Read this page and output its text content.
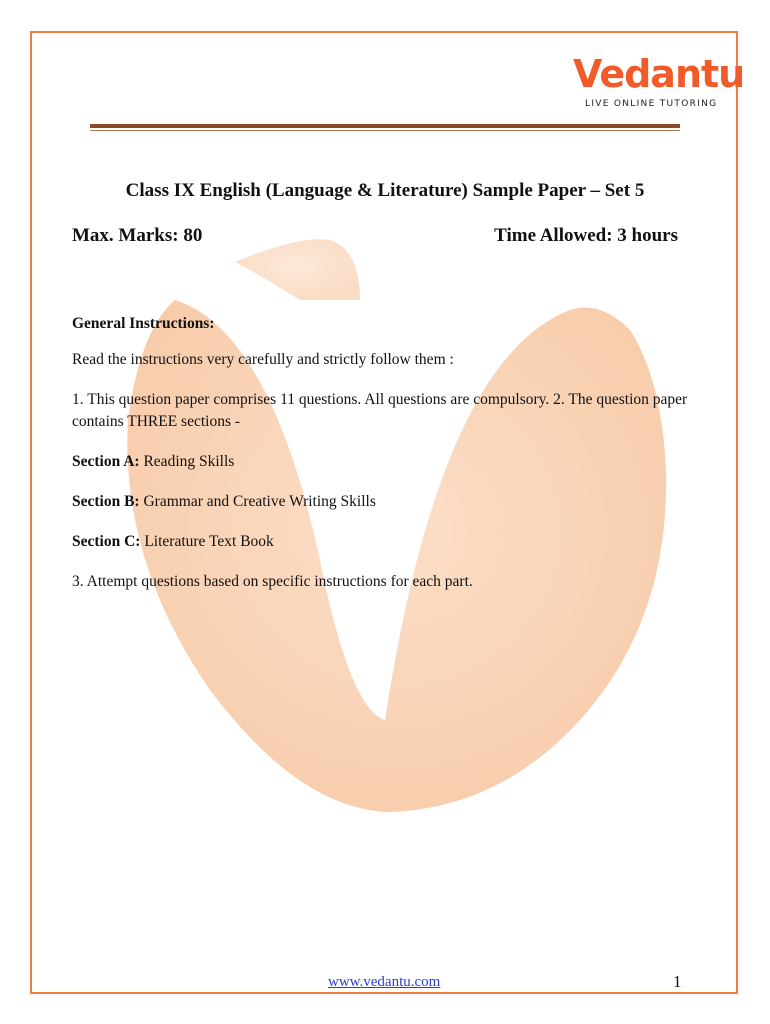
Vedantu
LIVE ONLINE TUTORING
Class IX English (Language & Literature) Sample Paper – Set 5
Max. Marks: 80	Time Allowed: 3 hours

General Instructions:

Read the instructions very carefully and strictly follow them :

1. This question paper comprises 11 questions. All questions are compulsory. 2. The question paper contains THREE sections -

Section A: Reading Skills

Section B: Grammar and Creative Writing Skills

Section C: Literature Text Book

3. Attempt questions based on specific instructions for each part.

www.vedantu.com	1
